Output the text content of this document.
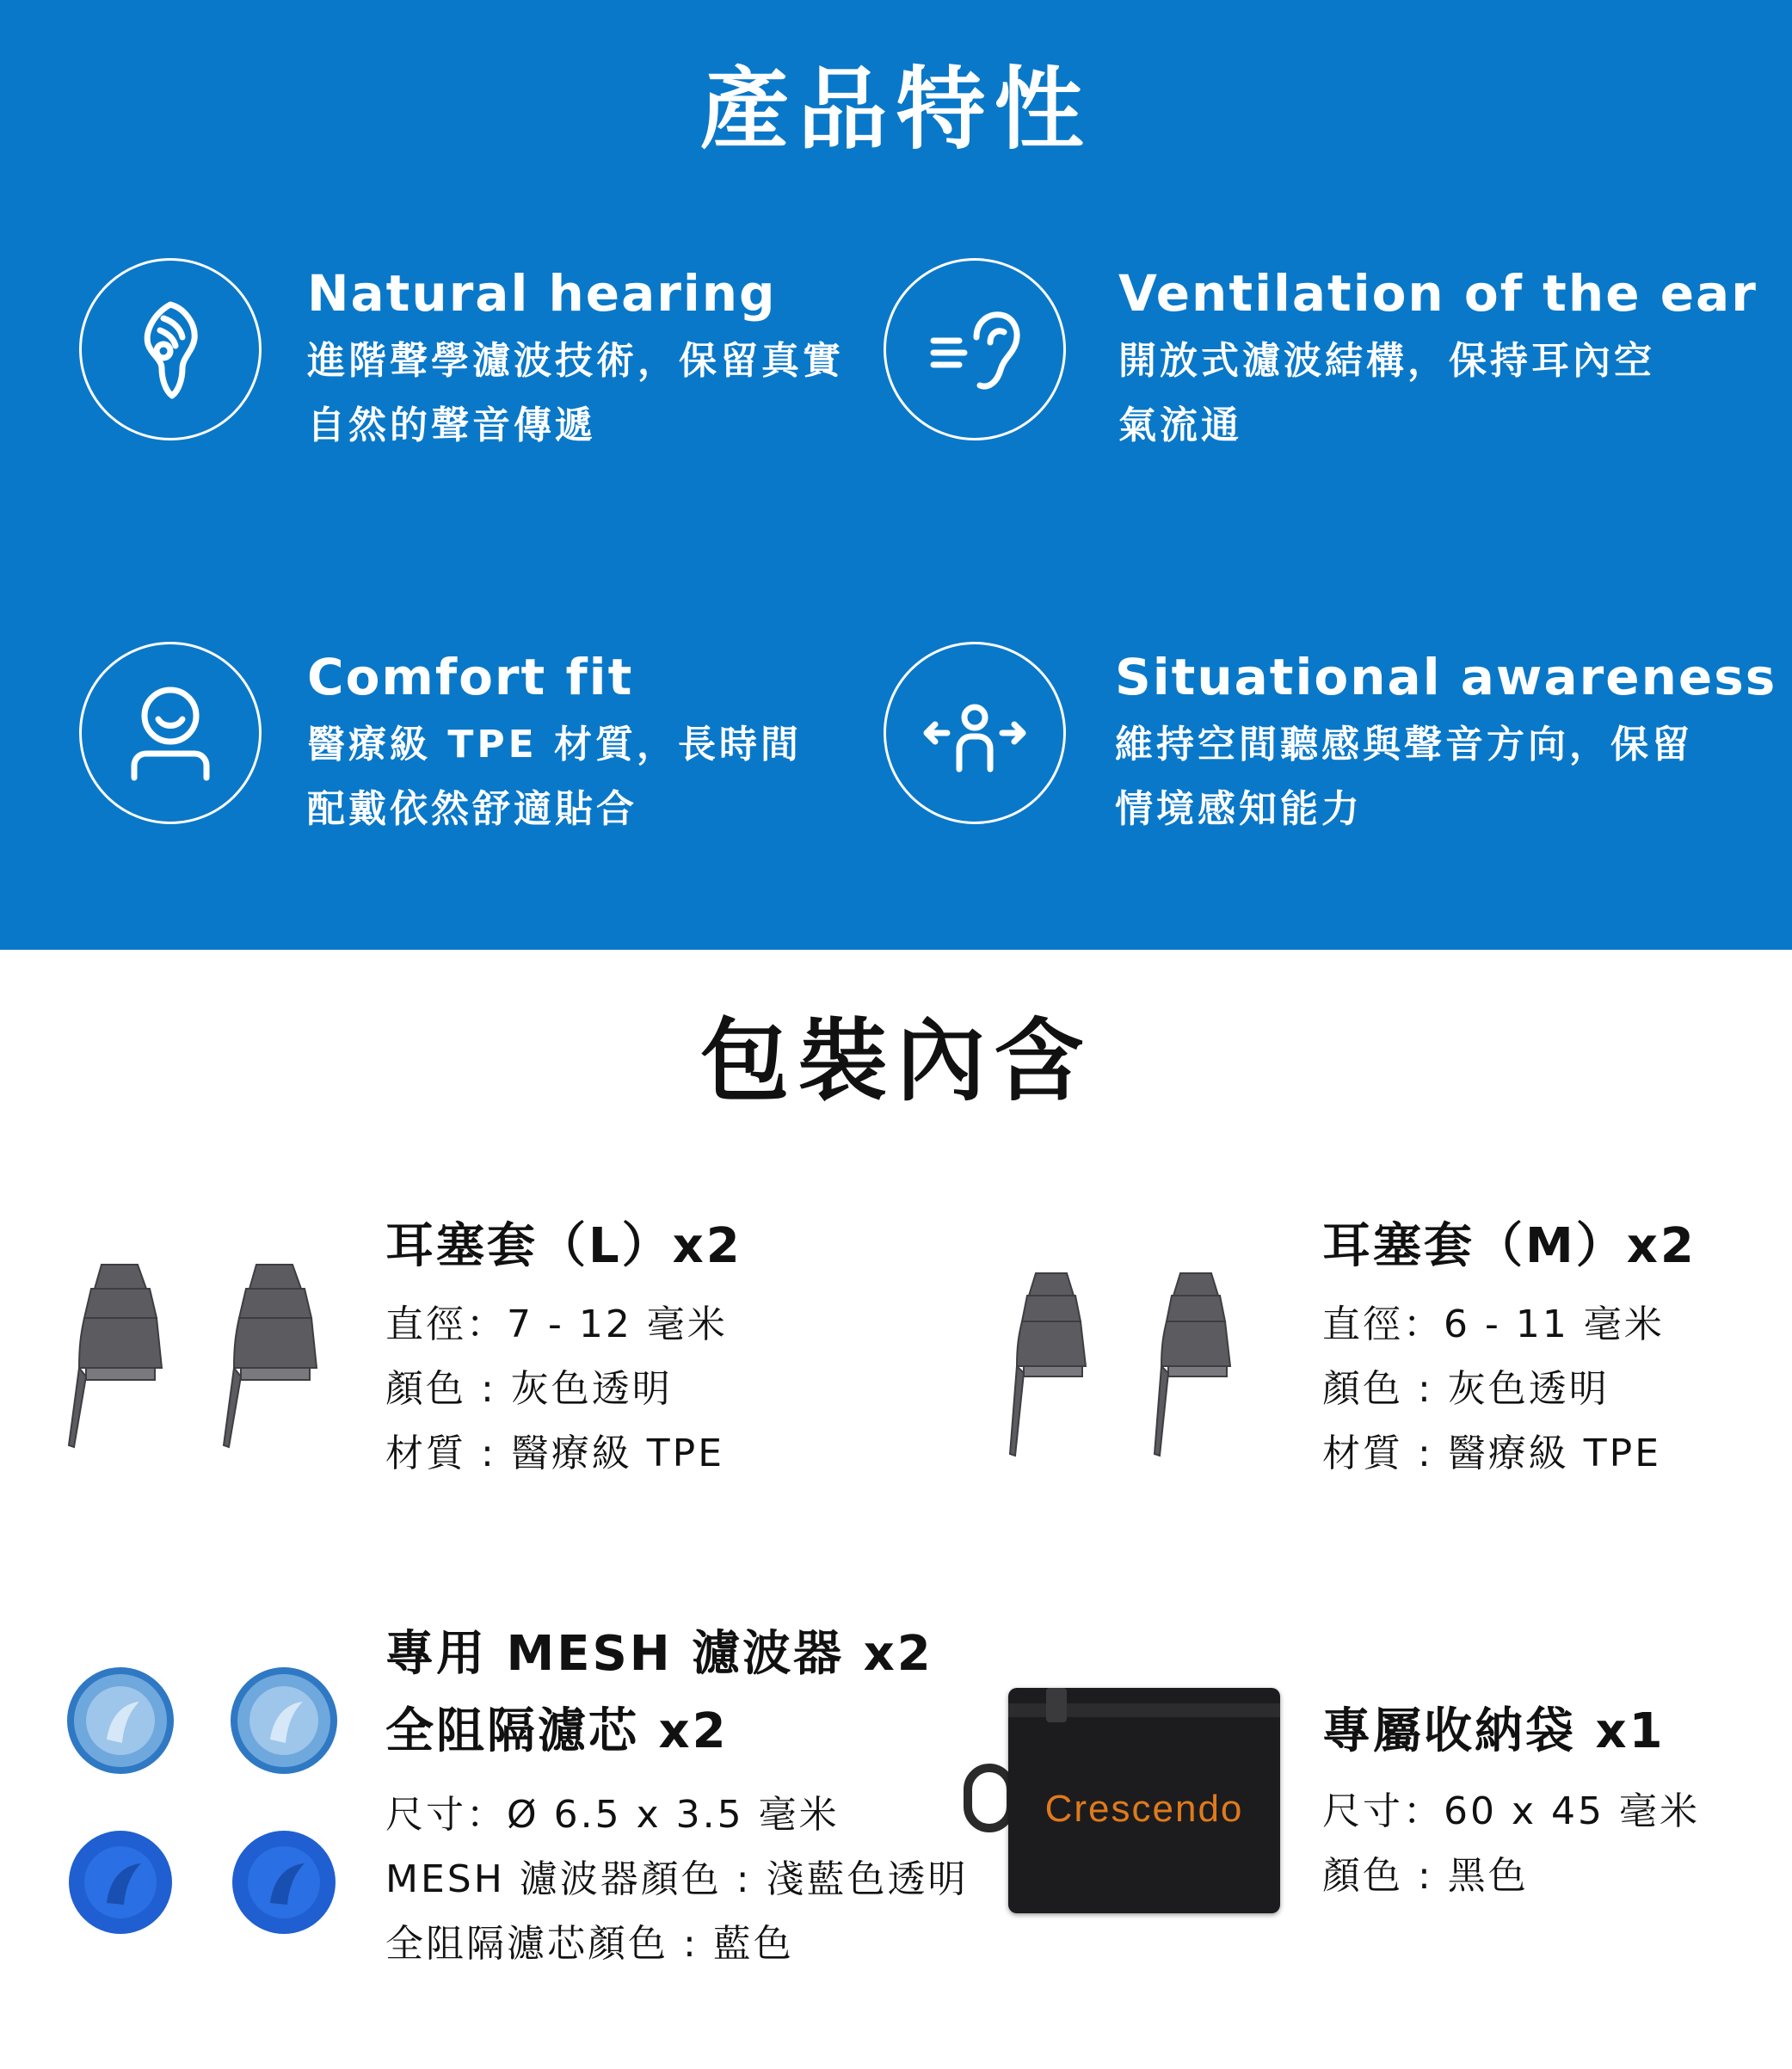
產品特性
Natural hearing
進階聲學濾波技術，保留真實自然的聲音傳遞
Ventilation of the ear
開放式濾波結構，保持耳內空氣流通
Comfort fit
醫療級 TPE 材質，長時間配戴依然舒適貼合
Situational awareness
維持空間聽感與聲音方向，保留情境感知能力
包裝內含
耳塞套（L）x2
直徑：7 - 12 毫米
顏色 : 灰色透明
材質 : 醫療級 TPE
耳塞套（M）x2
直徑：6 - 11 毫米
顏色 : 灰色透明
材質 : 醫療級 TPE
專用 MESH 濾波器 x2
全阻隔濾芯 x2
尺寸：Ø 6.5 x 3.5 毫米
MESH 濾波器顏色 : 淺藍色透明
全阻隔濾芯顏色 : 藍色
Crescendo
專屬收納袋 x1
尺寸：60 x 45 毫米
顏色 : 黑色
